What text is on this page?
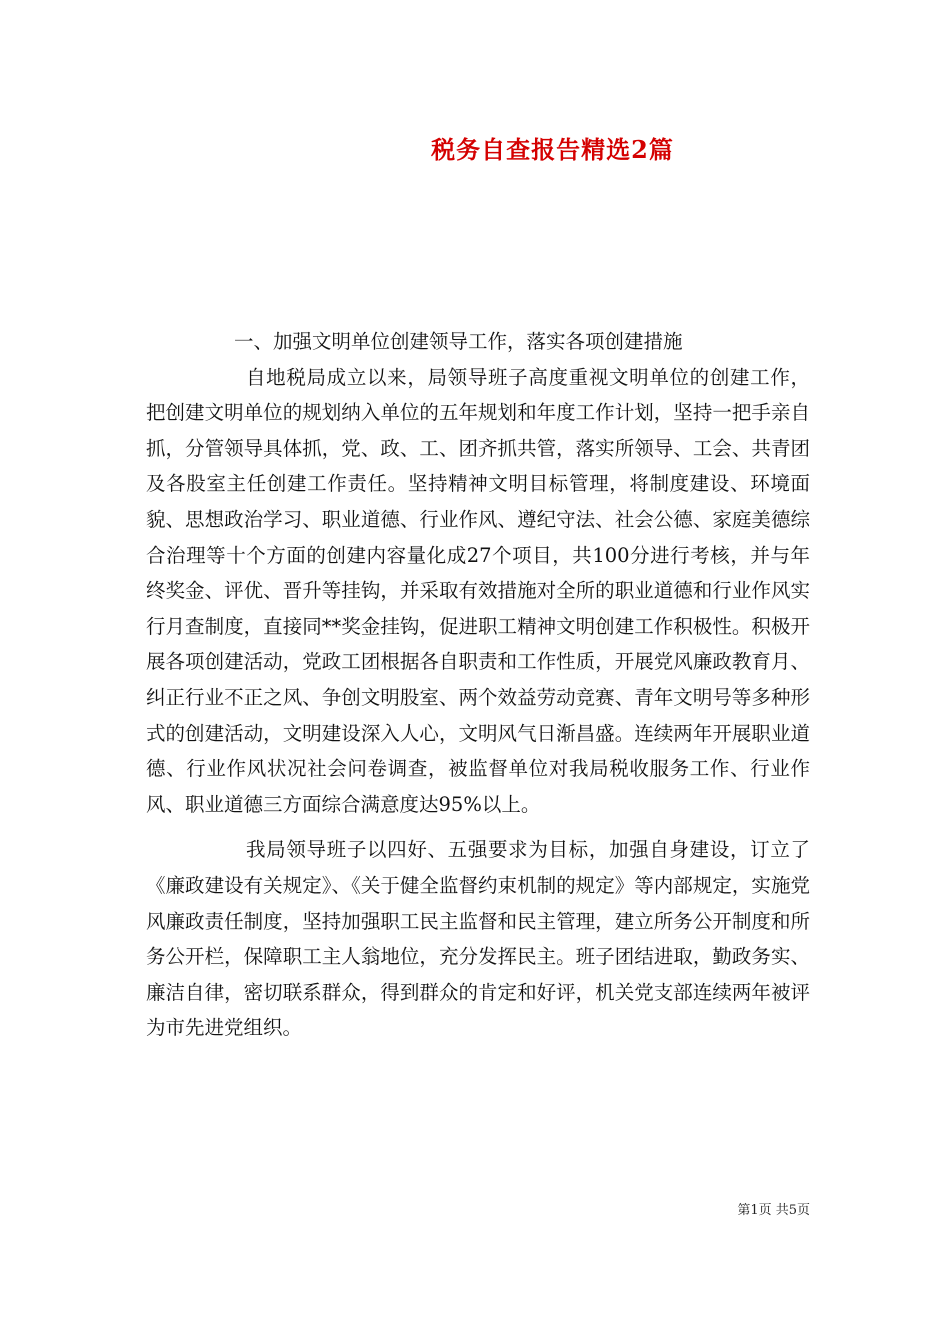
税务自查报告精选2篇

一、加强文明单位创建领导工作，落实各项创建措施

自地税局成立以来，局领导班子高度重视文明单位的创建工作，把创建文明单位的规划纳入单位的五年规划和年度工作计划，坚持一把手亲自抓，分管领导具体抓，党、政、工、团齐抓共管，落实所领导、工会、共青团及各股室主任创建工作责任。坚持精神文明目标管理，将制度建设、环境面貌、思想政治学习、职业道德、行业作风、遵纪守法、社会公德、家庭美德综合治理等十个方面的创建内容量化成27个项目，共100分进行考核，并与年终奖金、评优、晋升等挂钩，并采取有效措施对全所的职业道德和行业作风实行月查制度，直接同**奖金挂钩，促进职工精神文明创建工作积极性。积极开展各项创建活动，党政工团根据各自职责和工作性质，开展党风廉政教育月、纠正行业不正之风、争创文明股室、两个效益劳动竞赛、青年文明号等多种形式的创建活动，文明建设深入人心，文明风气日渐昌盛。连续两年开展职业道德、行业作风状况社会问卷调查，被监督单位对我局税收服务工作、行业作风、职业道德三方面综合满意度达95%以上。

我局领导班子以四好、五强要求为目标，加强自身建设，订立了《廉政建设有关规定》、《关于健全监督约束机制的规定》等内部规定，实施党风廉政责任制度，坚持加强职工民主监督和民主管理，建立所务公开制度和所务公开栏，保障职工主人翁地位，充分发挥民主。班子团结进取，勤政务实、廉洁自律，密切联系群众，得到群众的肯定和好评，机关党支部连续两年被评为市先进党组织。

第1页 共5页
